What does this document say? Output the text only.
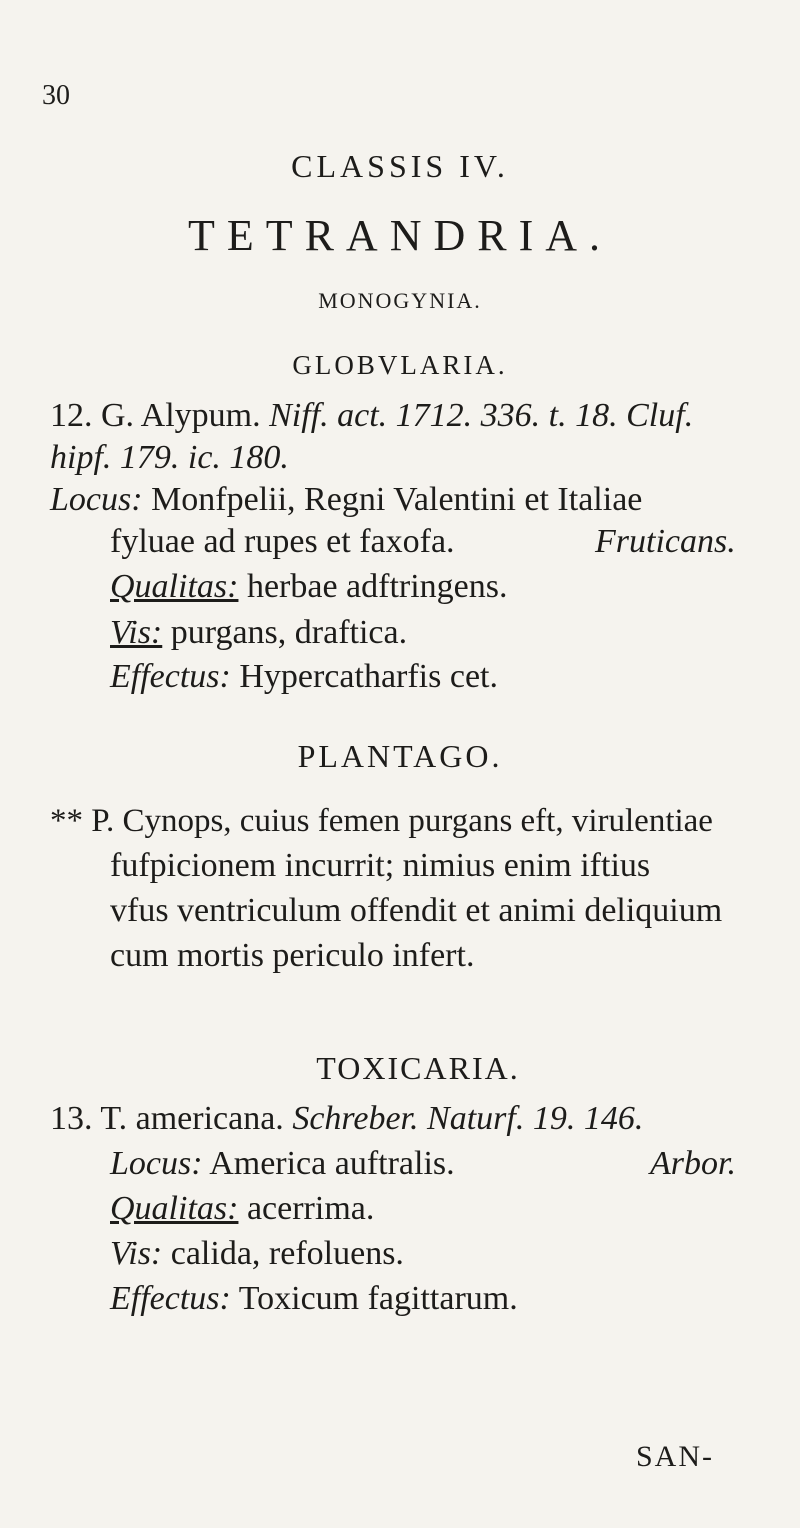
30
CLASSIS IV.
TETRANDRIA.
MONOGYNIA.
GLOBVLARIA.
12. G. Alypum. Niff. act. 1712. 336. t. 18. Cluf.
hipf. 179. ic. 180.
Locus: Monfpelii, Regni Valentini et Italiae
fyluae ad rupes et faxofa.	Fruticans.
Qualitas: herbae adftringens.
Vis: purgans, draftica.
Effectus: Hypercatharfis cet.
PLANTAGO.
** P. Cynops, cuius femen purgans eft, virulentiae
fufpicionem incurrit; nimius enim iftius
vfus ventriculum offendit et animi deliquium
cum mortis periculo infert.
TOXICARIA.
13. T. americana. Schreber. Naturf. 19. 146.
Locus: America auftralis.	Arbor.
Qualitas: acerrima.
Vis: calida, refoluens.
Effectus: Toxicum fagittarum.
SAN-
